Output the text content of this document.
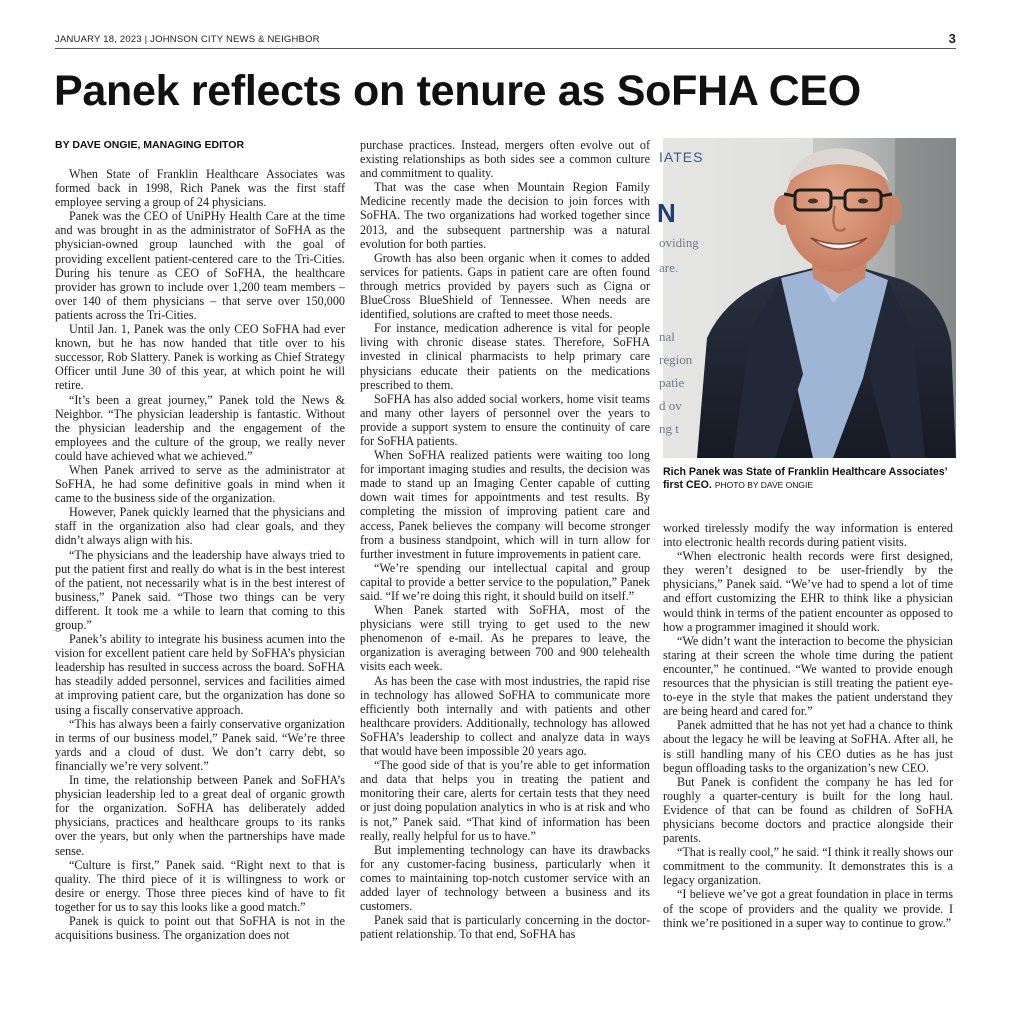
JANUARY 18, 2023 | JOHNSON CITY NEWS & NEIGHBOR	3
Panek reflects on tenure as SoFHA CEO
BY DAVE ONGIE, MANAGING EDITOR

When State of Franklin Healthcare Associates was formed back in 1998, Rich Panek was the first staff employee serving a group of 24 physicians.

Panek was the CEO of UniPHy Health Care at the time and was brought in as the administrator of SoFHA as the physician-owned group launched with the goal of providing excellent patient-centered care to the Tri-Cities. During his tenure as CEO of SoFHA, the healthcare provider has grown to include over 1,200 team members – over 140 of them physicians – that serve over 150,000 patients across the Tri-Cities.

Until Jan. 1, Panek was the only CEO SoFHA had ever known, but he has now handed that title over to his successor, Rob Slattery. Panek is working as Chief Strategy Officer until June 30 of this year, at which point he will retire.

“It’s been a great journey,” Panek told the News & Neighbor. “The physician leadership is fantastic. Without the physician leadership and the engagement of the employees and the culture of the group, we really never could have achieved what we achieved.”

When Panek arrived to serve as the administrator at SoFHA, he had some definitive goals in mind when it came to the business side of the organization.

However, Panek quickly learned that the physicians and staff in the organization also had clear goals, and they didn’t always align with his.

“The physicians and the leadership have always tried to put the patient first and really do what is in the best interest of the patient, not necessarily what is in the best interest of business,” Panek said. “Those two things can be very different. It took me a while to learn that coming to this group.”

Panek’s ability to integrate his business acumen into the vision for excellent patient care held by SoFHA’s physician leadership has resulted in success across the board. SoFHA has steadily added personnel, services and facilities aimed at improving patient care, but the organization has done so using a fiscally conservative approach.

“This has always been a fairly conservative organization in terms of our business model,” Panek said. “We’re three yards and a cloud of dust. We don’t carry debt, so financially we’re very solvent.”

In time, the relationship between Panek and SoFHA’s physician leadership led to a great deal of organic growth for the organization. SoFHA has deliberately added physicians, practices and healthcare groups to its ranks over the years, but only when the partnerships have made sense.

“Culture is first,” Panek said. “Right next to that is quality. The third piece of it is willingness to work or desire or energy. Those three pieces kind of have to fit together for us to say this looks like a good match.”

Panek is quick to point out that SoFHA is not in the acquisitions business. The organization does not

purchase practices. Instead, mergers often evolve out of existing relationships as both sides see a common culture and commitment to quality.

That was the case when Mountain Region Family Medicine recently made the decision to join forces with SoFHA. The two organizations had worked together since 2013, and the subsequent partnership was a natural evolution for both parties.

Growth has also been organic when it comes to added services for patients. Gaps in patient care are often found through metrics provided by payers such as Cigna or BlueCross BlueShield of Tennessee. When needs are identified, solutions are crafted to meet those needs.

For instance, medication adherence is vital for people living with chronic disease states. Therefore, SoFHA invested in clinical pharmacists to help primary care physicians educate their patients on the medications prescribed to them.

SoFHA has also added social workers, home visit teams and many other layers of personnel over the years to provide a support system to ensure the continuity of care for SoFHA patients.

When SoFHA realized patients were waiting too long for important imaging studies and results, the decision was made to stand up an Imaging Center capable of cutting down wait times for appointments and test results. By completing the mission of improving patient care and access, Panek believes the company will become stronger from a business standpoint, which will in turn allow for further investment in future improvements in patient care.

“We’re spending our intellectual capital and group capital to provide a better service to the population,” Panek said. “If we’re doing this right, it should build on itself.”

When Panek started with SoFHA, most of the physicians were still trying to get used to the new phenomenon of e-mail. As he prepares to leave, the organization is averaging between 700 and 900 telehealth visits each week.

As has been the case with most industries, the rapid rise in technology has allowed SoFHA to communicate more efficiently both internally and with patients and other healthcare providers. Additionally, technology has allowed SoFHA’s leadership to collect and analyze data in ways that would have been impossible 20 years ago.

“The good side of that is you’re able to get information and data that helps you in treating the patient and monitoring their care, alerts for certain tests that they need or just doing population analytics in who is at risk and who is not,” Panek said. “That kind of information has been really, really helpful for us to have.”

But implementing technology can have its drawbacks for any customer-facing business, particularly when it comes to maintaining top-notch customer service with an added layer of technology between a business and its customers.

Panek said that is particularly concerning in the doctor-patient relationship. To that end, SoFHA has

IATES
N
oviding
are.
nal
region
patie
d ov
ng t
Rich Panek was State of Franklin Healthcare Associates’ first CEO. PHOTO BY DAVE ONGIE

worked tirelessly modify the way information is entered into electronic health records during patient visits.

“When electronic health records were first designed, they weren’t designed to be user-friendly by the physicians,” Panek said. “We’ve had to spend a lot of time and effort customizing the EHR to think like a physician would think in terms of the patient encounter as opposed to how a programmer imagined it should work.

“We didn’t want the interaction to become the physician staring at their screen the whole time during the patient encounter,” he continued. “We wanted to provide enough resources that the physician is still treating the patient eye-to-eye in the style that makes the patient understand they are being heard and cared for.”

Panek admitted that he has not yet had a chance to think about the legacy he will be leaving at SoFHA. After all, he is still handling many of his CEO duties as he has just begun offloading tasks to the organization’s new CEO.

But Panek is confident the company he has led for roughly a quarter-century is built for the long haul. Evidence of that can be found as children of SoFHA physicians become doctors and practice alongside their parents.

“That is really cool,” he said. “I think it really shows our commitment to the community. It demonstrates this is a legacy organization.

“I believe we’ve got a great foundation in place in terms of the scope of providers and the quality we provide. I think we’re positioned in a super way to continue to grow.”
